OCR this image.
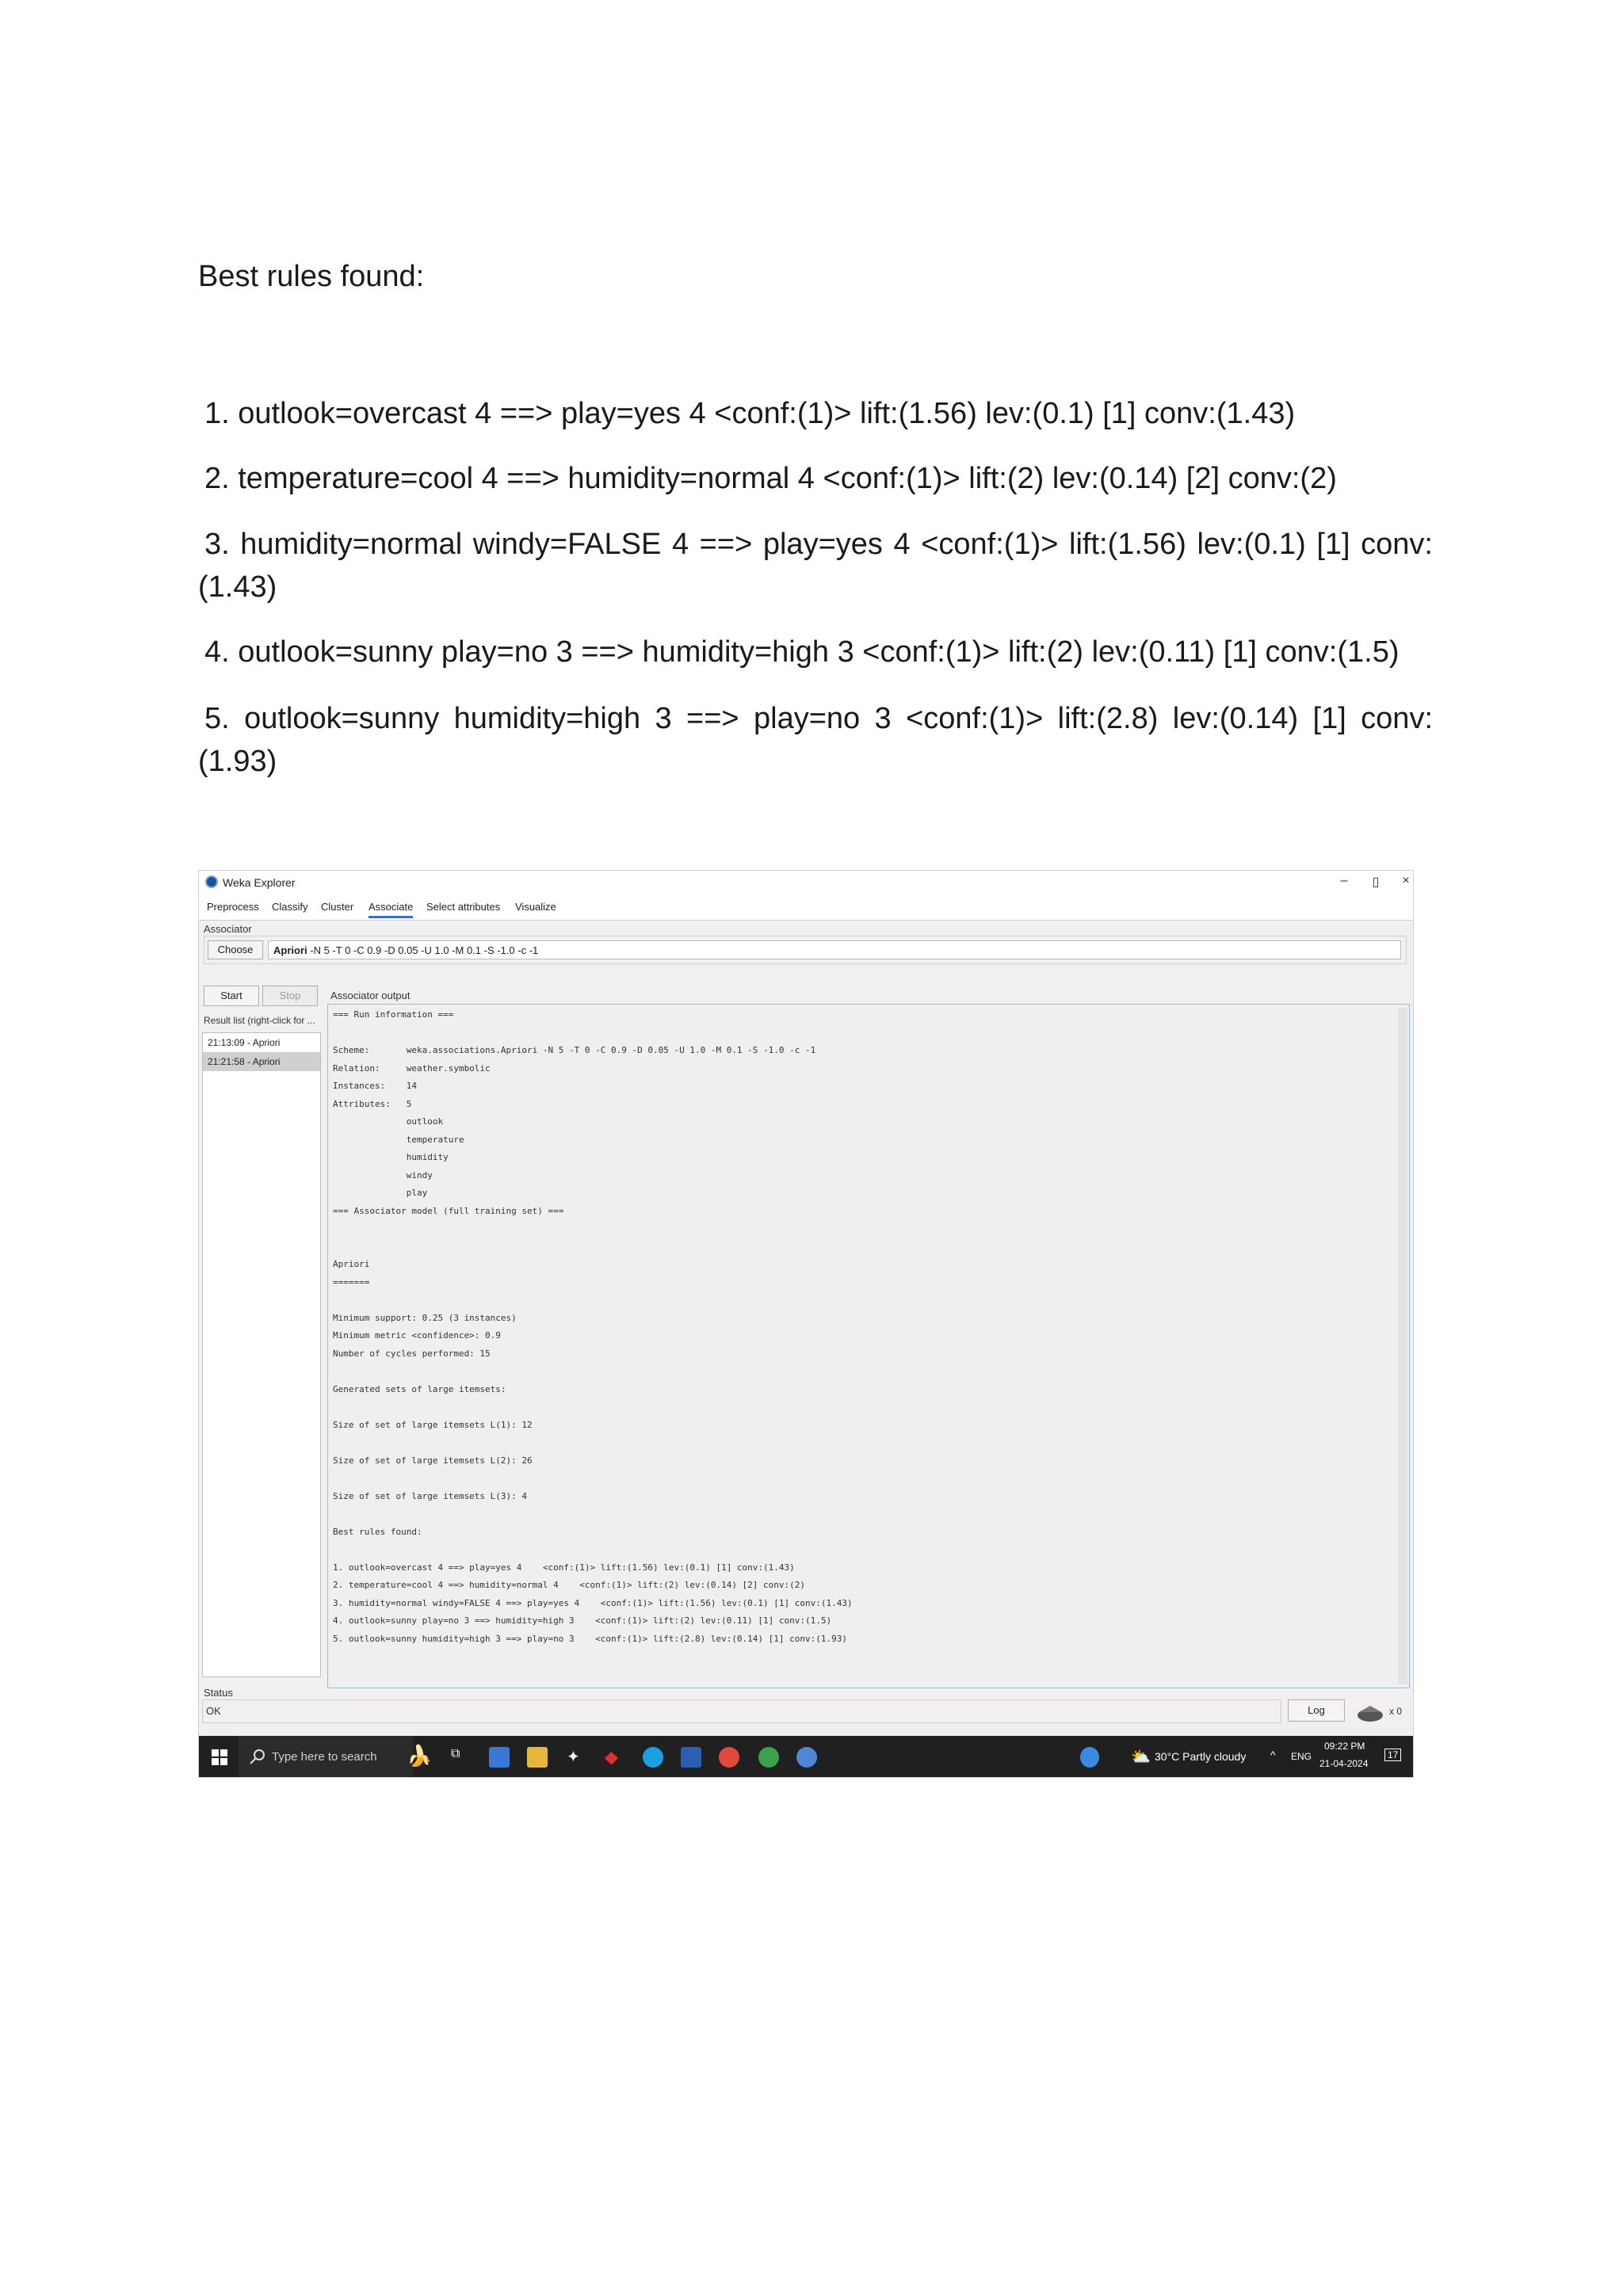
Best rules found:
1. outlook=overcast 4 ==> play=yes 4 <conf:(1)> lift:(1.56) lev:(0.1) [1] conv:(1.43)
2. temperature=cool 4 ==> humidity=normal 4 <conf:(1)> lift:(2) lev:(0.14) [2] conv:(2)
3. humidity=normal windy=FALSE 4 ==> play=yes 4 <conf:(1)> lift:(1.56) lev:(0.1) [1] conv:(1.43)
4. outlook=sunny play=no 3 ==> humidity=high 3 <conf:(1)> lift:(2) lev:(0.11) [1] conv:(1.5)
5. outlook=sunny humidity=high 3 ==> play=no 3 <conf:(1)> lift:(2.8) lev:(0.14) [1] conv:(1.93)
Weka Explorer	–	▯	×
Preprocess Classify Cluster Associate Select attributes Visualize
Associator
Choose	Apriori -N 5 -T 0 -C 0.9 -D 0.05 -U 1.0 -M 0.1 -S -1.0 -c -1
Start	Stop
Result list (right-click for ...
21:13:09 - Apriori
21:21:58 - Apriori
Associator output
=== Run information ===

Scheme:       weka.associations.Apriori -N 5 -T 0 -C 0.9 -D 0.05 -U 1.0 -M 0.1 -S -1.0 -c -1
Relation:     weather.symbolic
Instances:    14
Attributes:   5
outlook
temperature
humidity
windy
play
=== Associator model (full training set) ===

Apriori
=======

Minimum support: 0.25 (3 instances)
Minimum metric <confidence>: 0.9
Number of cycles performed: 15

Generated sets of large itemsets:

Size of set of large itemsets L(1): 12

Size of set of large itemsets L(2): 26

Size of set of large itemsets L(3): 4

Best rules found:

1. outlook=overcast 4 ==> play=yes 4    <conf:(1)> lift:(1.56) lev:(0.1) [1] conv:(1.43)
2. temperature=cool 4 ==> humidity=normal 4    <conf:(1)> lift:(2) lev:(0.14) [2] conv:(2)
3. humidity=normal windy=FALSE 4 ==> play=yes 4    <conf:(1)> lift:(1.56) lev:(0.1) [1] conv:(1.43)
4. outlook=sunny play=no 3 ==> humidity=high 3    <conf:(1)> lift:(2) lev:(0.11) [1] conv:(1.5)
5. outlook=sunny humidity=high 3 ==> play=no 3    <conf:(1)> lift:(2.8) lev:(0.14) [1] conv:(1.93)
Status
OK	Log	x 0
Type here to search 🍌 ⧉	✦ ◆	⛅ 30°C Partly cloudy ^ ENG
09:22 PM
21-04-2024
17
